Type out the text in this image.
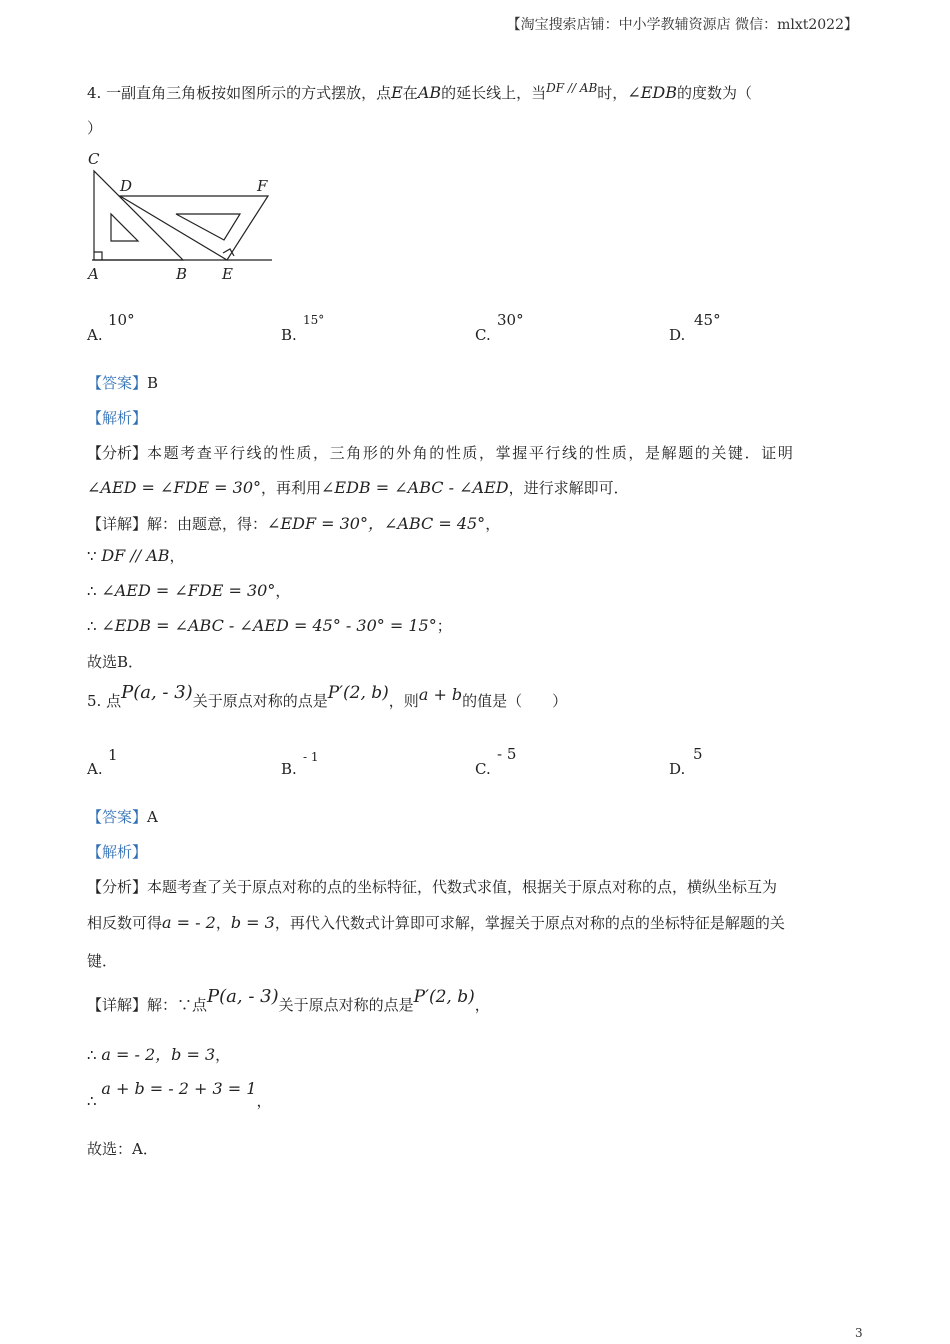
【淘宝搜索店铺：中小学教辅资源店 微信：mlxt2022】
4. 一副直角三角板按如图所示的方式摆放，点E在AB的延长线上，当$^{DF // AB}$时，∠EDB的度数为（
）
C
D	F
A	B E
A.
10°
B.
15°
C.
30°
D.
45°
【答案】B
【解析】
【分析】本题考查平行线的性质，三角形的外角的性质，掌握平行线的性质，是解题的关键．证明
∠AED = ∠FDE = 30°，再利用∠EDB = ∠ABC - ∠AED，进行求解即可．
【详解】解：由题意，得：∠EDF = 30°，∠ABC = 45°，
∵ DF // AB，
∴ ∠AED = ∠FDE = 30°，
∴ ∠EDB = ∠ABC - ∠AED = 45° - 30° = 15°；
故选B．
5. 点P(a, - 3)关于原点对称的点是P′(2, b)，则a + b的值是（　　）
A.
1
B.
- 1
C.
- 5
D.
5
【答案】A
【解析】
【分析】本题考查了关于原点对称的点的坐标特征，代数式求值，根据关于原点对称的点，横纵坐标互为
相反数可得a = - 2，b = 3，再代入代数式计算即可求解，掌握关于原点对称的点的坐标特征是解题的关
键．
【详解】解：∵点P(a, - 3)关于原点对称的点是P′(2, b)，
∴ a = - 2，b = 3，
∴ a + b = - 2 + 3 = 1，
故选：A．
3
